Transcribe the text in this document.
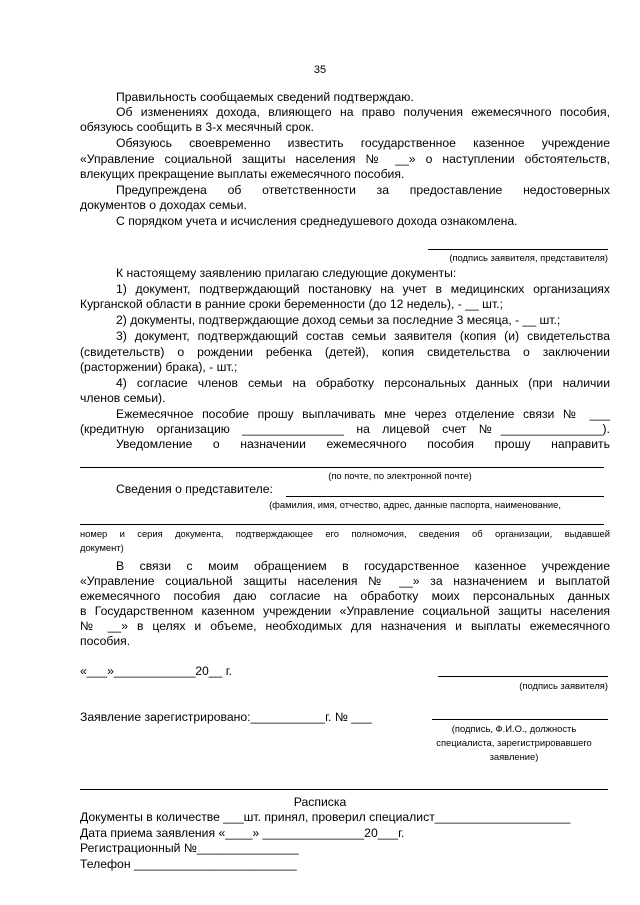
35
Правильность сообщаемых сведений подтверждаю.
Об изменениях дохода, влияющего на право получения ежемесячного пособия,
обязуюсь сообщить в 3-х месячный срок.
Обязуюсь своевременно известить государственное казенное учреждение
«Управление социальной защиты населения № __» о наступлении обстоятельств,
влекущих прекращение выплаты ежемесячного пособия.
Предупреждена об ответственности за предоставление недостоверных
документов о доходах семьи.
С порядком учета и исчисления среднедушевого дохода ознакомлена.
(подпись заявителя, представителя)
К настоящему заявлению прилагаю следующие документы:
1) документ, подтверждающий постановку на учет в медицинских организациях
Курганской области в ранние сроки беременности (до 12 недель), - __ шт.;
2) документы, подтверждающие доход семьи за последние 3 месяца, - __ шт.;
3) документ, подтверждающий состав семьи заявителя (копия (и) свидетельства
(свидетельств) о рождении ребенка (детей), копия свидетельства о заключении
(расторжении) брака), - шт.;
4) согласие членов семьи на обработку персональных данных (при наличии
членов семьи).
Ежемесячное пособие прошу выплачивать мне через отделение связи № ___
(кредитную организацию _______________ на лицевой счет №_______________).
Уведомление о назначении ежемесячного пособия прошу направить
(по почте, по электронной почте)
Сведения о представителе:
(фамилия, имя, отчество, адрес, данные паспорта, наименование,
номер и серия документа, подтверждающее его полномочия, сведения об организации, выдавшей
документ)
В связи с моим обращением в государственное казенное учреждение
«Управление социальной защиты населения № __» за назначением и выплатой
ежемесячного пособия даю согласие на обработку моих персональных данных
в Государственном казенном учреждении «Управление социальной защиты населения
№ __» в целях и объеме, необходимых для назначения и выплаты ежемесячного
пособия.
«___»____________20__ г.
(подпись заявителя)
Заявление зарегистрировано:___________г. № ___
(подпись, Ф.И.О., должность
специалиста, зарегистрировавшего
заявление)
Расписка
Документы в количестве ___шт. принял, проверил специалист____________________
Дата приема заявления «____» _______________20___г.
Регистрационный №_______________
Телефон ________________________
